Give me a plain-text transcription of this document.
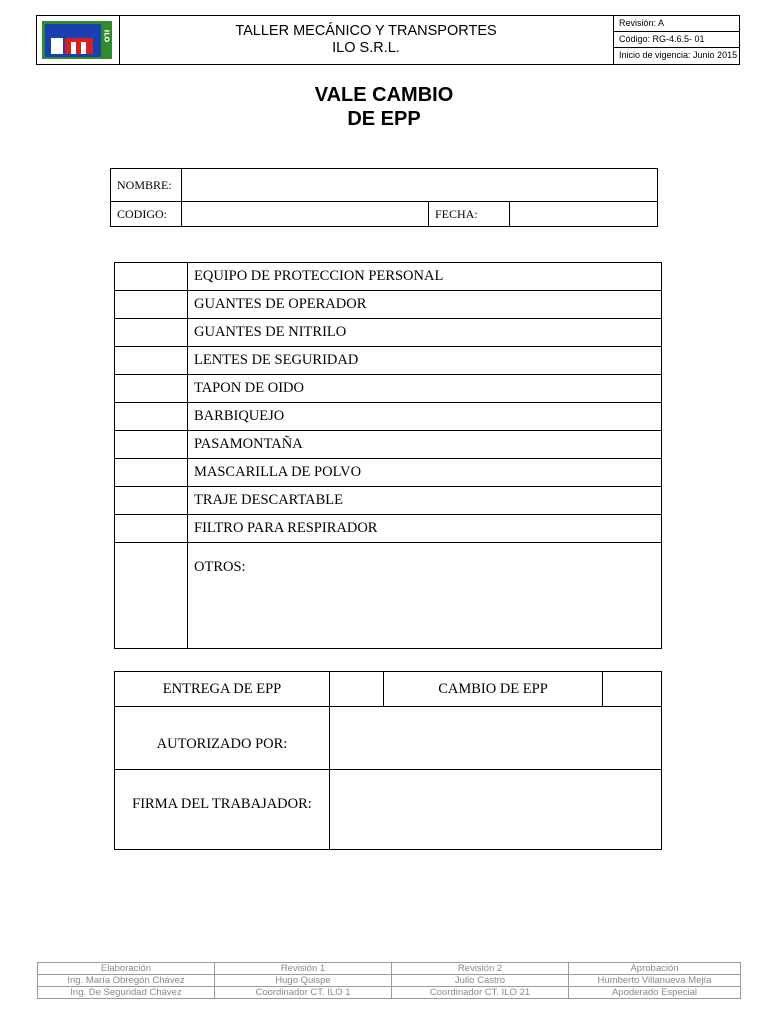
ILO	TALLER MECÁNICO Y TRANSPORTES
ILO S.R.L.
Revisión: A
Código: RG-4.6.5- 01
Inicio de vigencia: Junio 2015
VALE CAMBIO
DE EPP
NOMBRE:			
CODIGO:		FECHA:	
	EQUIPO DE PROTECCION PERSONAL
	GUANTES DE OPERADOR
	GUANTES DE NITRILO
	LENTES DE SEGURIDAD
	TAPON DE OIDO
	BARBIQUEJO
	PASAMONTAÑA
	MASCARILLA DE POLVO
	TRAJE DESCARTABLE
	FILTRO PARA RESPIRADOR
	OTROS:
ENTREGA DE EPP		CAMBIO DE EPP	
AUTORIZADO POR:			
FIRMA DEL TRABAJADOR:			
Elaboración	Revisión 1	Revisión 2	Aprobación
Ing. María Obregón Chávez	Hugo Quispe	Julio Castro	Humberto Villanueva Mejía
Ing. De Seguridad Chávez	Coordinador CT. ILO 1	Coordinador CT. ILO 21	Apoderado Especial
